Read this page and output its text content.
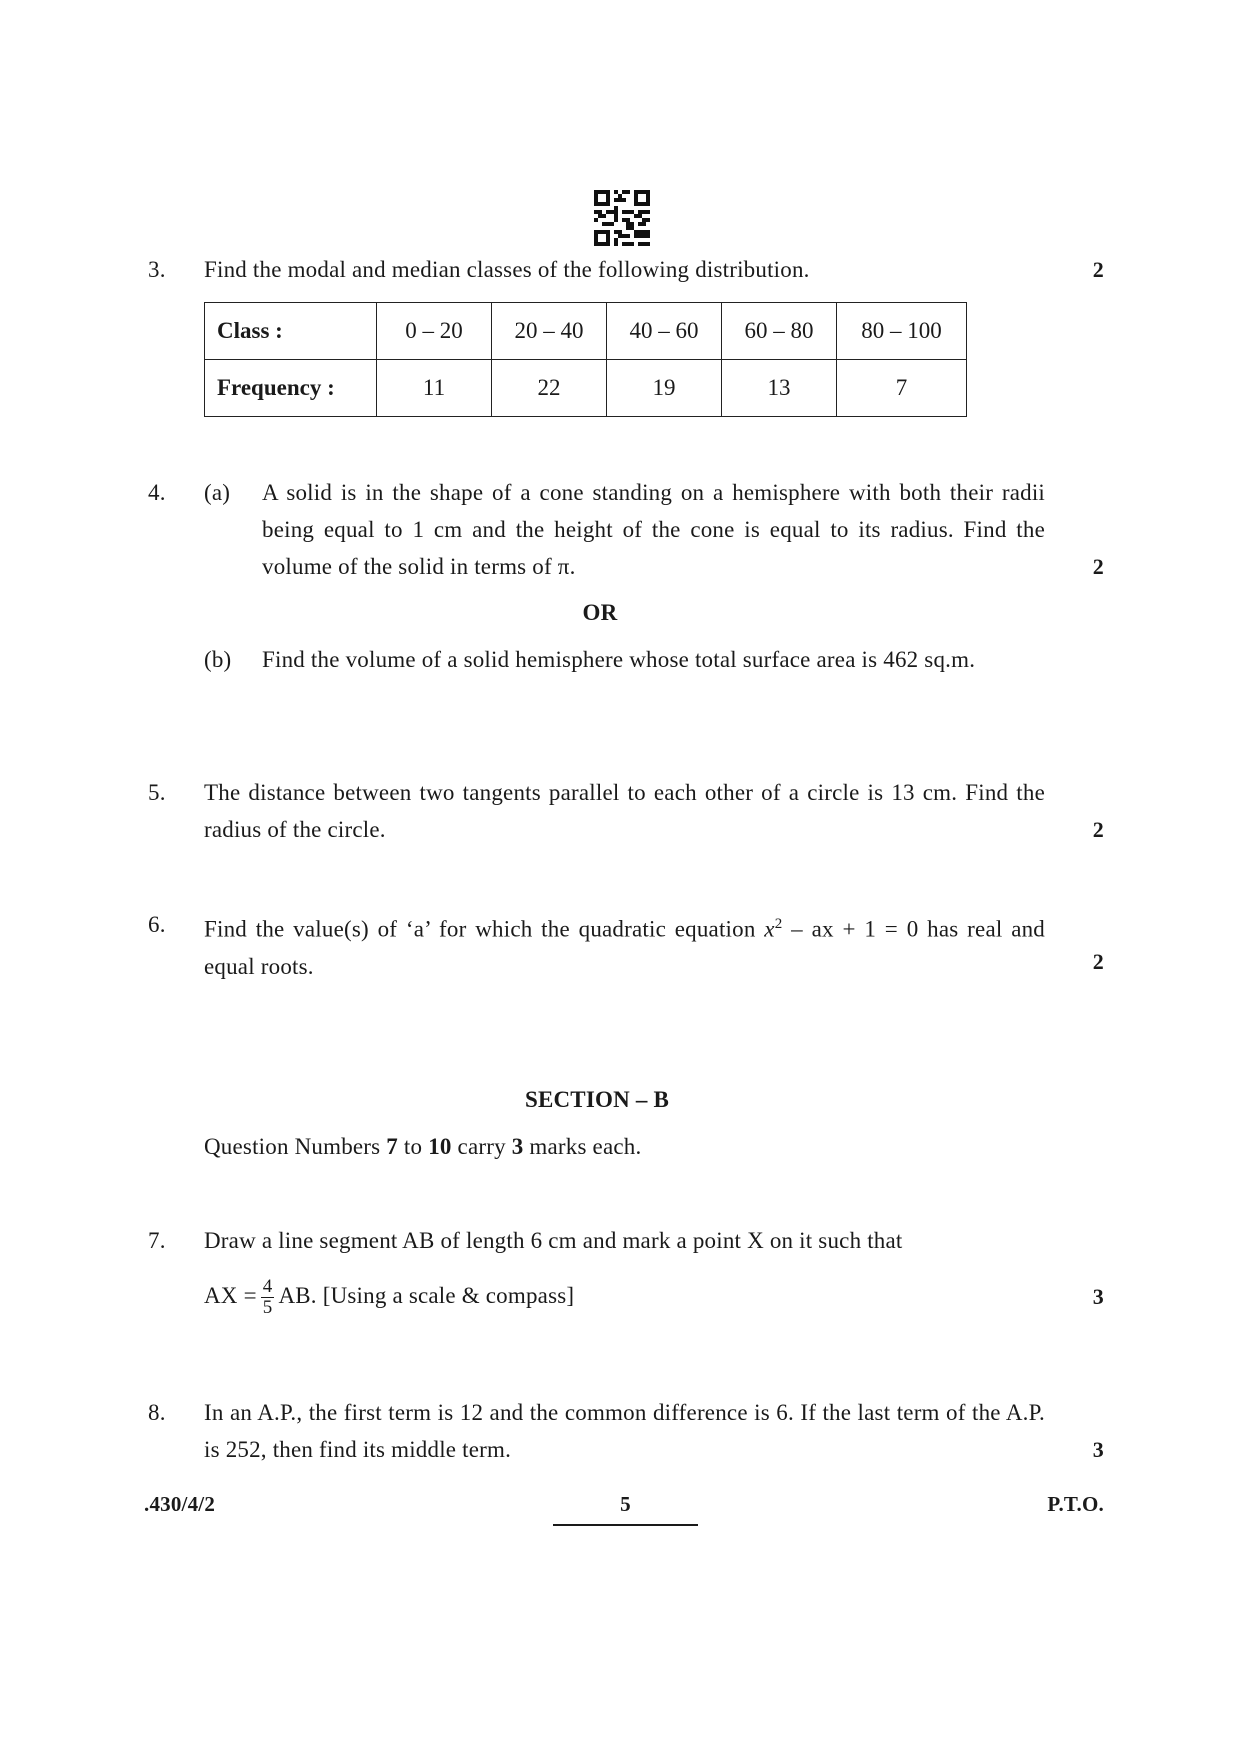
3.	Find the modal and median classes of the following distribution.	2
Class :	0 – 20	20 – 40	40 – 60	60 – 80	80 – 100
Frequency :	11	22	19	13	7
4.	(a) A solid is in the shape of a cone standing on a hemisphere with both their radii being equal to 1 cm and the height of the cone is equal to its radius. Find the volume of the solid in terms of π.	2
OR
(b) Find the volume of a solid hemisphere whose total surface area is 462 sq.m.
5.	The distance between two tangents parallel to each other of a circle is 13 cm. Find the radius of the circle.	2
6.	Find the value(s) of ‘a’ for which the quadratic equation $x^2$ – ax + 1 = 0 has real and equal roots.	2
SECTION – B
Question Numbers 7 to 10 carry 3 marks each.
7.	Draw a line segment AB of length 6 cm and mark a point X on it such that
AX = $\frac{4}{5}$ AB. [Using a scale & compass]	3
8.	In an A.P., the first term is 12 and the common difference is 6. If the last term of the A.P. is 252, then find its middle term.	3
.430/4/2	5	P.T.O.
